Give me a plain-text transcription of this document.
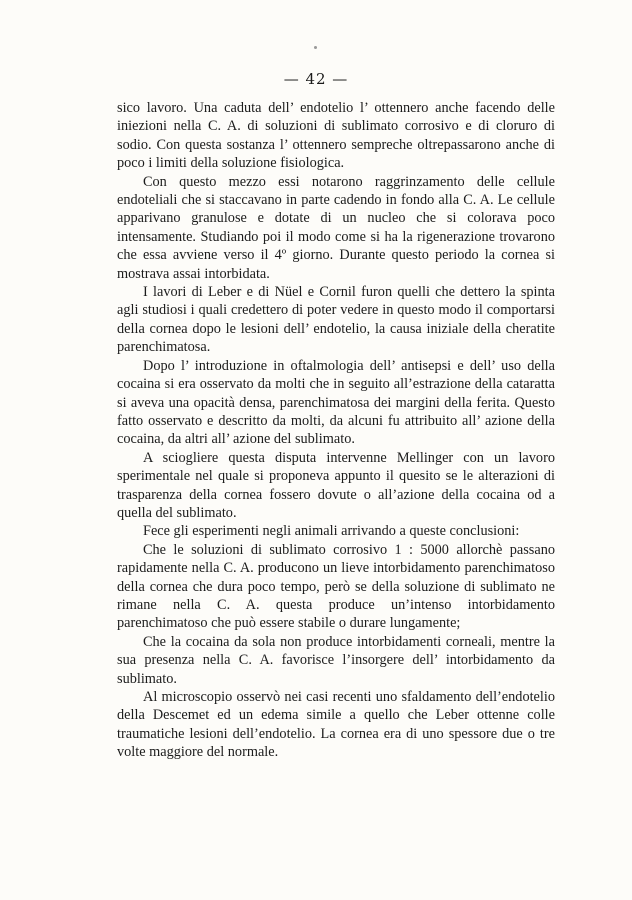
— 42 —

sico lavoro. Una caduta dell’ endotelio l’ ottennero anche facendo delle iniezioni nella C. A. di soluzioni di sublimato corrosivo e di cloruro di sodio. Con questa sostanza l’ ottennero sempreche oltrepassarono anche di poco i limiti della soluzione fisiologica.

Con questo mezzo essi notarono raggrinzamento delle cellule endoteliali che si staccavano in parte cadendo in fondo alla C. A. Le cellule apparivano granulose e dotate di un nucleo che si colorava poco intensamente. Studiando poi il modo come si ha la rigenerazione trovarono che essa avviene verso il 4º giorno. Durante questo periodo la cornea si mostrava assai intorbidata.

I lavori di Leber e di Nüel e Cornil furon quelli che dettero la spinta agli studiosi i quali credettero di poter vedere in questo modo il comportarsi della cornea dopo le lesioni dell’ endotelio, la causa iniziale della cheratite parenchimatosa.

Dopo l’ introduzione in oftalmologia dell’ antisepsi e dell’ uso della cocaina si era osservato da molti che in seguito all’estrazione della cataratta si aveva una opacità densa, parenchimatosa dei margini della ferita. Questo fatto osservato e descritto da molti, da alcuni fu attribuito all’ azione della cocaina, da altri all’ azione del sublimato.

A sciogliere questa disputa intervenne Mellinger con un lavoro sperimentale nel quale si proponeva appunto il quesito se le alterazioni di trasparenza della cornea fossero dovute o all’azione della cocaina od a quella del sublimato.

Fece gli esperimenti negli animali arrivando a queste conclusioni:

Che le soluzioni di sublimato corrosivo 1 : 5000 allorchè passano rapidamente nella C. A. producono un lieve intorbidamento parenchimatoso della cornea che dura poco tempo, però se della soluzione di sublimato ne rimane nella C. A. questa produce un’intenso intorbidamento parenchimatoso che può essere stabile o durare lungamente;

Che la cocaina da sola non produce intorbidamenti corneali, mentre la sua presenza nella C. A. favorisce l’insorgere dell’ intorbidamento da sublimato.

Al microscopio osservò nei casi recenti uno sfaldamento dell’endotelio della Descemet ed un edema simile a quello che Leber ottenne colle traumatiche lesioni dell’endotelio. La cornea era di uno spessore due o tre volte maggiore del normale.
